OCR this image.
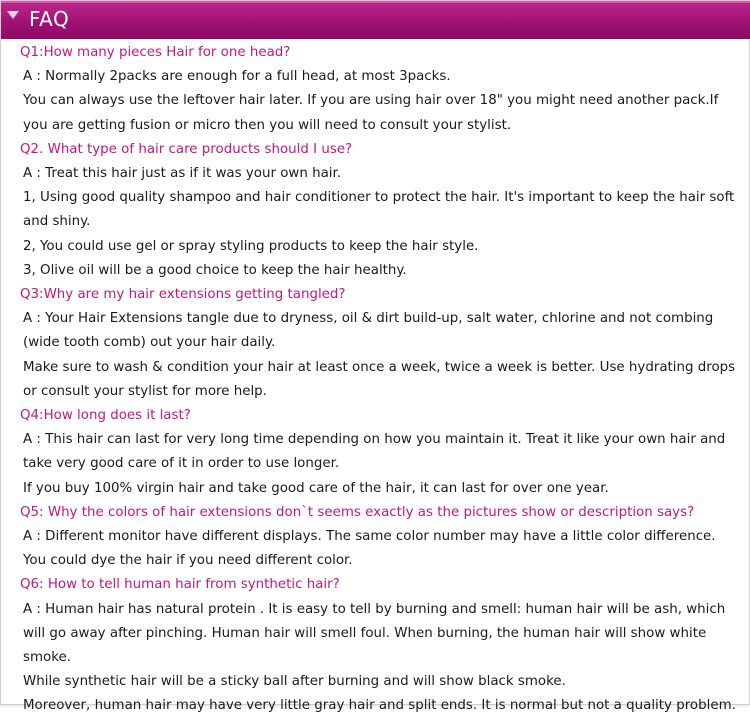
FAQ
Q1:How many pieces Hair for one head?
A : Normally 2packs are enough for a full head, at most 3packs.
You can always use the leftover hair later. If you are using hair over 18" you might need another pack.If you are getting fusion or micro then you will need to consult your stylist.
Q2. What type of hair care products should I use?
A : Treat this hair just as if it was your own hair.
1, Using good quality shampoo and hair conditioner to protect the hair. It's important to keep the hair soft and shiny.
2, You could use gel or spray styling products to keep the hair style.
3, Olive oil will be a good choice to keep the hair healthy.
Q3:Why are my hair extensions getting tangled?
A : Your Hair Extensions tangle due to dryness, oil & dirt build-up, salt water, chlorine and not combing (wide tooth comb) out your hair daily.
Make sure to wash & condition your hair at least once a week, twice a week is better. Use hydrating drops or consult your stylist for more help.
Q4:How long does it last?
A : This hair can last for very long time depending on how you maintain it. Treat it like your own hair and take very good care of it in order to use longer.
If you buy 100% virgin hair and take good care of the hair, it can last for over one year.
Q5: Why the colors of hair extensions don`t seems exactly as the pictures show or description says?
A : Different monitor have different displays. The same color number may have a little color difference. You could dye the hair if you need different color.
Q6: How to tell human hair from synthetic hair?
A : Human hair has natural protein . It is easy to tell by burning and smell: human hair will be ash, which will go away after pinching. Human hair will smell foul. When burning, the human hair will show white smoke.
While synthetic hair will be a sticky ball after burning and will show black smoke.
Moreover, human hair may have very little gray hair and split ends. It is normal but not a quality problem.
